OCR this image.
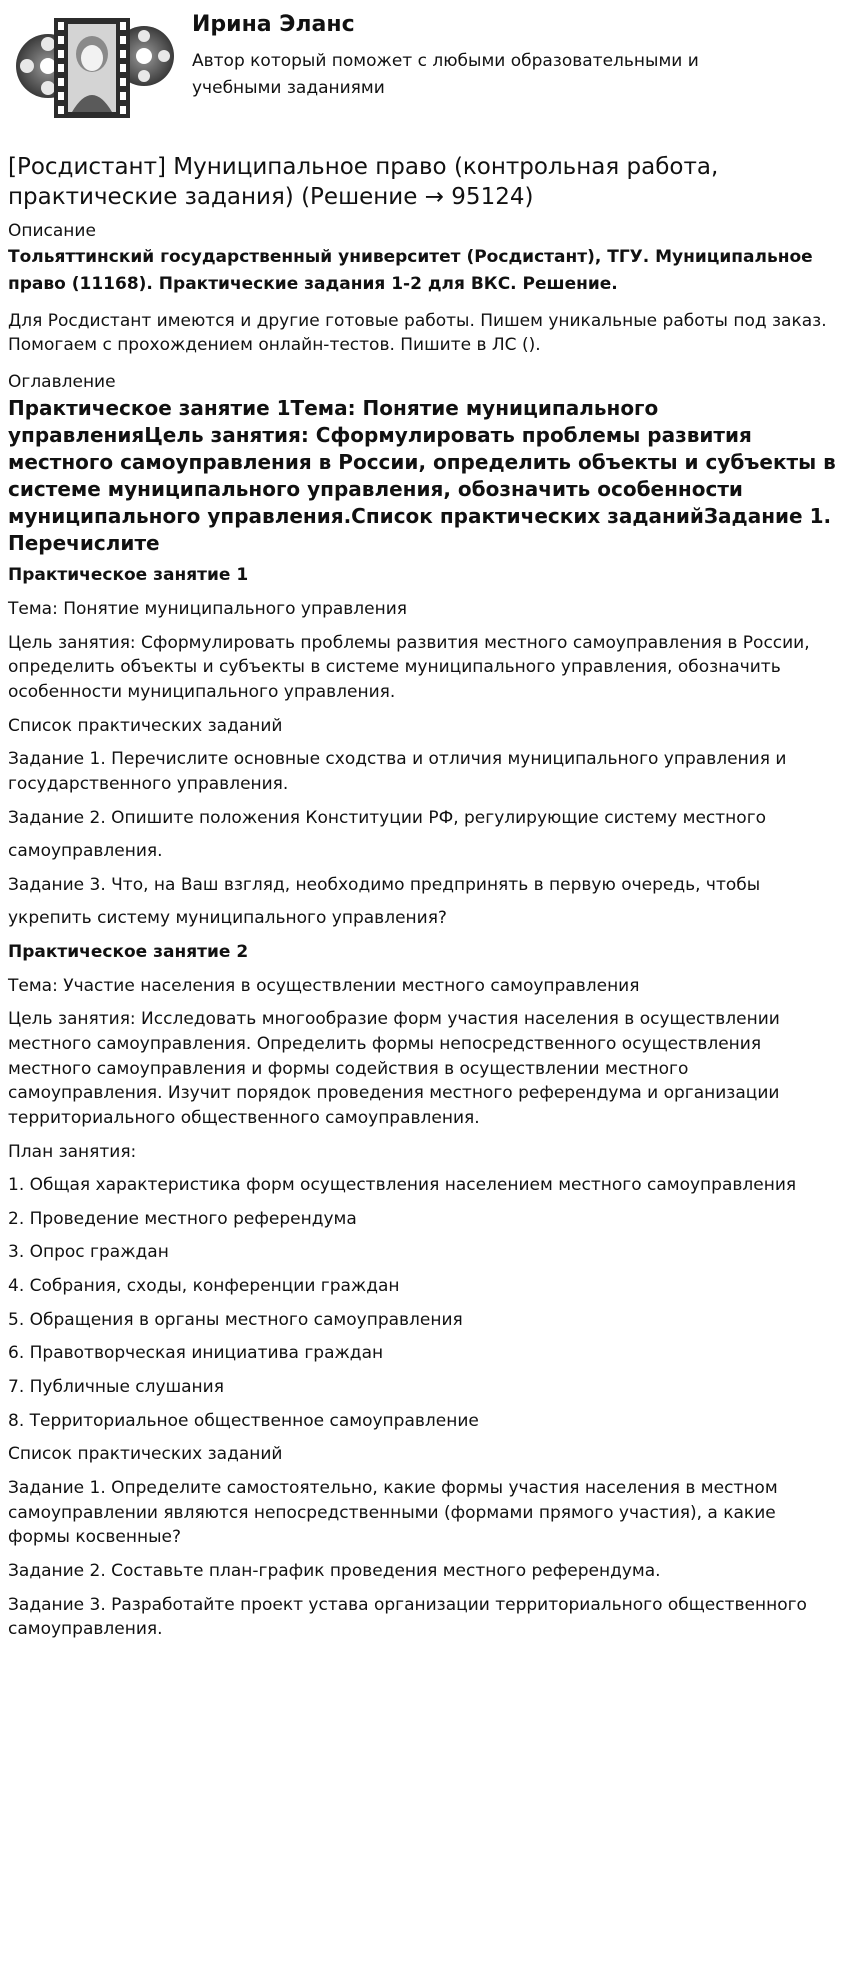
Ирина Эланс
Автор который поможет с любыми образовательными и учебными заданиями
[Росдистант] Муниципальное право (контрольная работа, практические задания) (Решение → 95124)
Описание
Тольяттинский государственный университет (Росдистант), ТГУ. Муниципальное право (11168). Практические задания 1-2 для ВКС. Решение.

Для Росдистант имеются и другие готовые работы. Пишем уникальные работы под заказ. Помогаем с прохождением онлайн-тестов. Пишите в ЛС ().

Оглавление
Практическое занятие 1Тема: Понятие муниципального управленияЦель занятия: Сформулировать проблемы развития местного самоуправления в России, определить объекты и субъекты в системе муниципального управления, обозначить особенности муниципального управления.Список практических заданийЗадание 1. Перечислите
Практическое занятие 1

Тема: Понятие муниципального управления

Цель занятия: Сформулировать проблемы развития местного самоуправления в России, определить объекты и субъекты в системе муниципального управления, обозначить особенности муниципального управления.

Список практических заданий

Задание 1. Перечислите основные сходства и отличия муниципального управления и государственного управления.

Задание 2. Опишите положения Конституции РФ, регулирующие систему местного

самоуправления.

Задание 3. Что, на Ваш взгляд, необходимо предпринять в первую очередь, чтобы

укрепить систему муниципального управления?

Практическое занятие 2

Тема: Участие населения в осуществлении местного самоуправления

Цель занятия: Исследовать многообразие форм участия населения в осуществлении местного самоуправления. Определить формы непосредственного осуществления местного самоуправления и формы содействия в осуществлении местного самоуправления. Изучит порядок проведения местного референдума и организации территориального общественного самоуправления.

План занятия:

1. Общая характеристика форм осуществления населением местного самоуправления

2. Проведение местного референдума

3. Опрос граждан

4. Собрания, сходы, конференции граждан

5. Обращения в органы местного самоуправления

6. Правотворческая инициатива граждан

7. Публичные слушания

8. Территориальное общественное самоуправление

Список практических заданий

Задание 1. Определите самостоятельно, какие формы участия населения в местном самоуправлении являются непосредственными (формами прямого участия), а какие формы косвенные?

Задание 2. Составьте план-график проведения местного референдума.

Задание 3. Разработайте проект устава организации территориального общественного самоуправления.
